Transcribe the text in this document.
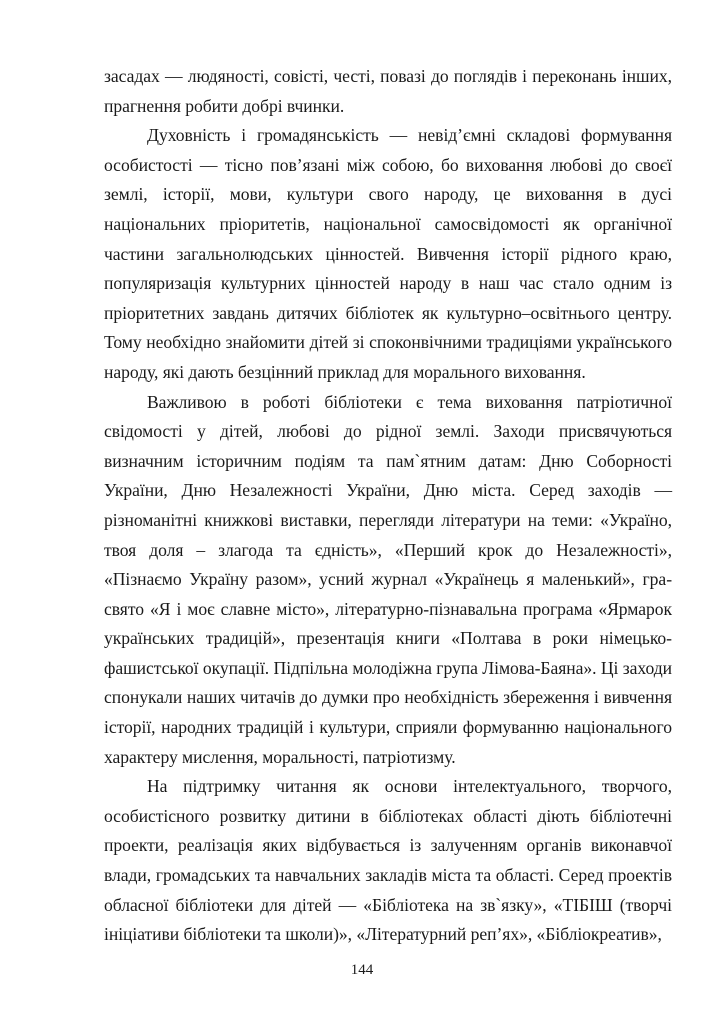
засадах — людяності, совісті, честі, повазі до поглядів і переконань інших, прагнення робити добрі вчинки.

Духовність і громадянськість — невід’ємні складові формування особистості — тісно пов’язані між собою, бо виховання любові до своєї землі, історії, мови, культури свого народу, це виховання в дусі національних пріоритетів, національної самосвідомості як органічної частини загальнолюдських цінностей. Вивчення історії рідного краю, популяризація культурних цінностей народу в наш час стало одним із пріоритетних завдань дитячих бібліотек як культурно–освітнього центру. Тому необхідно знайомити дітей зі споконвічними традиціями українського народу, які дають безцінний приклад для морального виховання.

Важливою в роботі бібліотеки є тема виховання патріотичної свідомості у дітей, любові до рідної землі. Заходи присвячуються визначним історичним подіям та пам`ятним датам: Дню Соборності України, Дню Незалежності України, Дню міста. Серед заходів — різноманітні книжкові виставки, перегляди літератури на теми: «Україно, твоя доля – злагода та єдність», «Перший крок до Незалежності», «Пізнаємо Україну разом», усний журнал «Українець я маленький», гра-свято «Я і моє славне місто», літературно-пізнавальна програма «Ярмарок українських традицій», презентація книги «Полтава в роки німецько-фашистської окупації. Підпільна молодіжна група Лімова-Баяна». Ці заходи спонукали наших читачів до думки про необхідність збереження і вивчення історії, народних традицій і культури, сприяли формуванню національного характеру мислення, моральності, патріотизму.

На підтримку читання як основи інтелектуального, творчого, особистісного розвитку дитини в бібліотеках області діють бібліотечні проекти, реалізація яких відбувається із залученням органів виконавчої влади, громадських та навчальних закладів міста та області. Серед проектів обласної бібліотеки для дітей — «Бібліотека на зв`язку», «ТІБІШ (творчі ініціативи бібліотеки та школи)», «Літературний реп’ях», «Бібліокреатив»,

144
